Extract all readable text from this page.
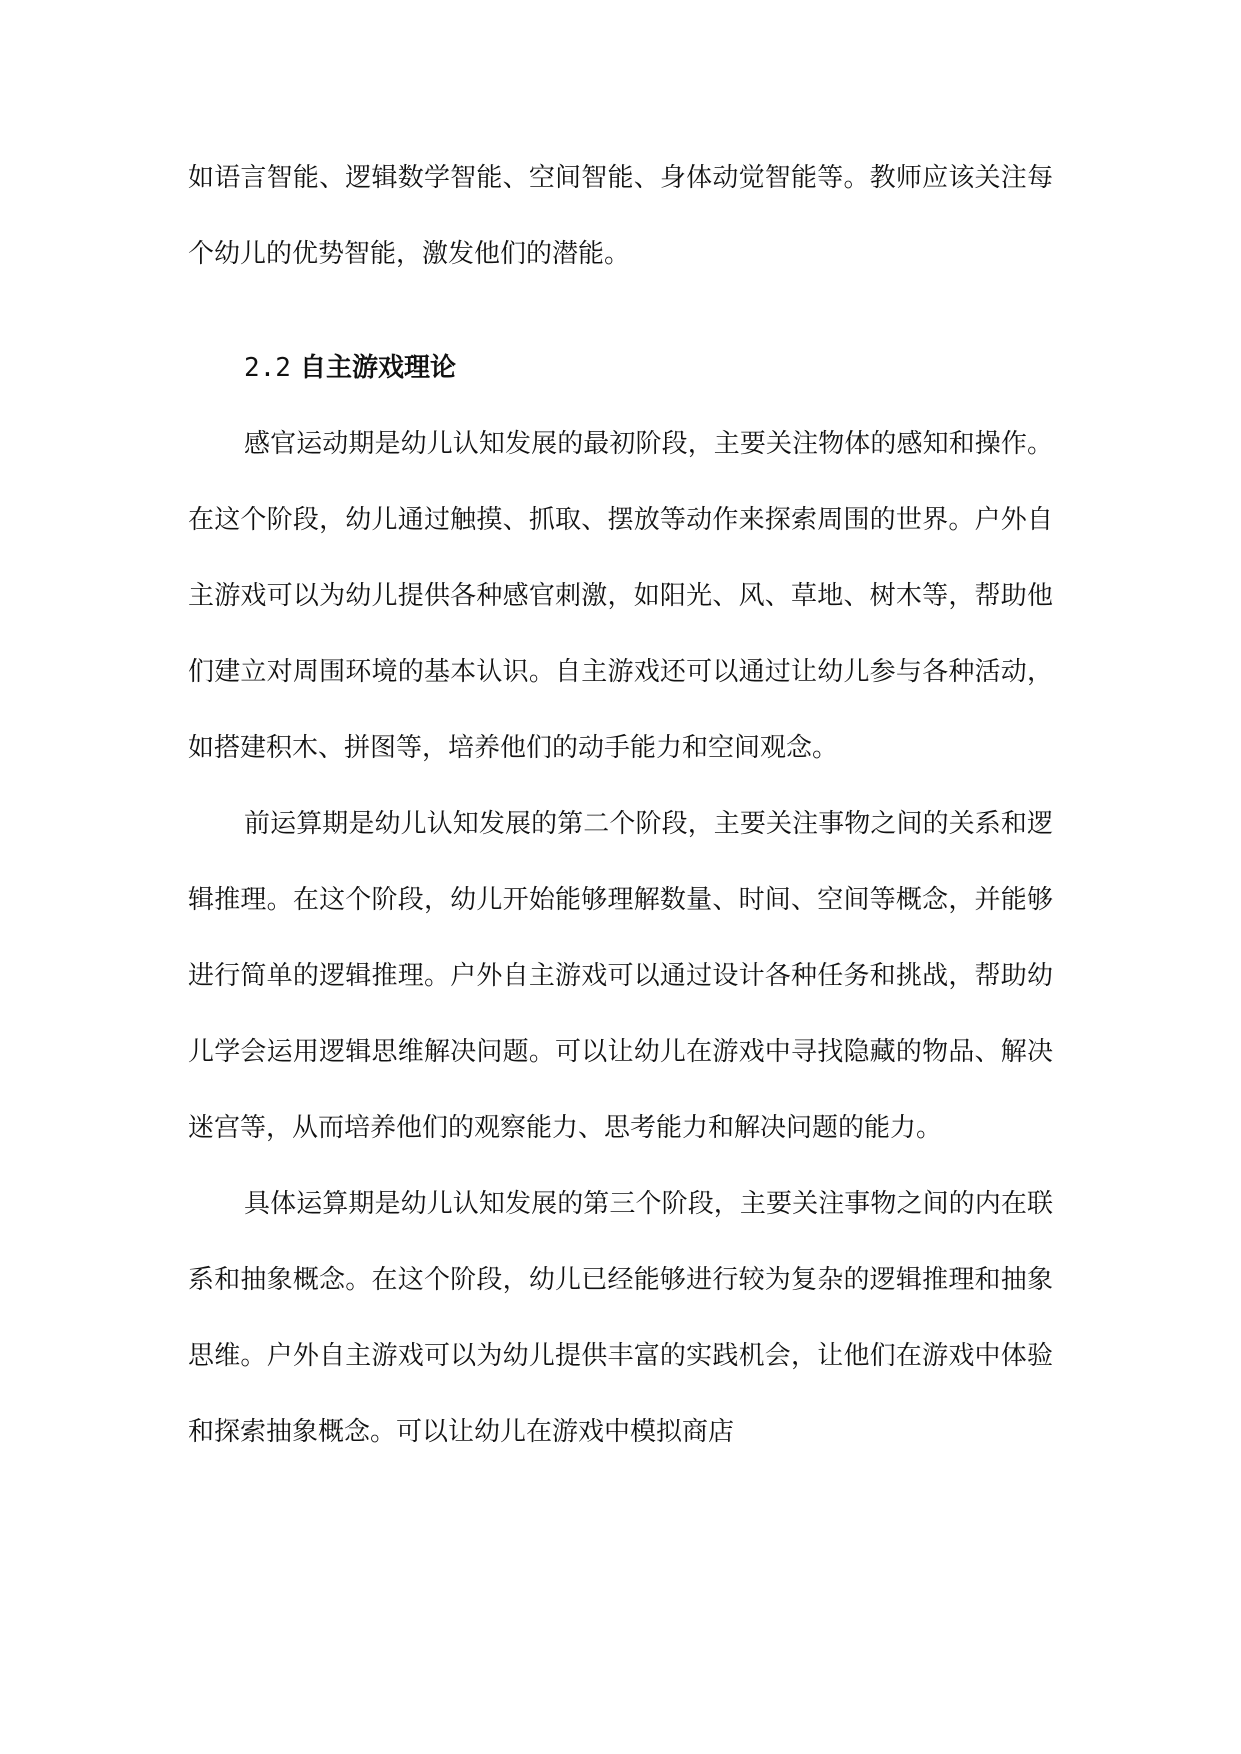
如语言智能、逻辑数学智能、空间智能、身体动觉智能等。教师应该关注每个幼儿的优势智能，激发他们的潜能。

2.2 自主游戏理论

感官运动期是幼儿认知发展的最初阶段，主要关注物体的感知和操作。在这个阶段，幼儿通过触摸、抓取、摆放等动作来探索周围的世界。户外自主游戏可以为幼儿提供各种感官刺激，如阳光、风、草地、树木等，帮助他们建立对周围环境的基本认识。自主游戏还可以通过让幼儿参与各种活动，如搭建积木、拼图等，培养他们的动手能力和空间观念。

前运算期是幼儿认知发展的第二个阶段，主要关注事物之间的关系和逻辑推理。在这个阶段，幼儿开始能够理解数量、时间、空间等概念，并能够进行简单的逻辑推理。户外自主游戏可以通过设计各种任务和挑战，帮助幼儿学会运用逻辑思维解决问题。可以让幼儿在游戏中寻找隐藏的物品、解决迷宫等，从而培养他们的观察能力、思考能力和解决问题的能力。

具体运算期是幼儿认知发展的第三个阶段，主要关注事物之间的内在联系和抽象概念。在这个阶段，幼儿已经能够进行较为复杂的逻辑推理和抽象思维。户外自主游戏可以为幼儿提供丰富的实践机会，让他们在游戏中体验和探索抽象概念。可以让幼儿在游戏中模拟商店
